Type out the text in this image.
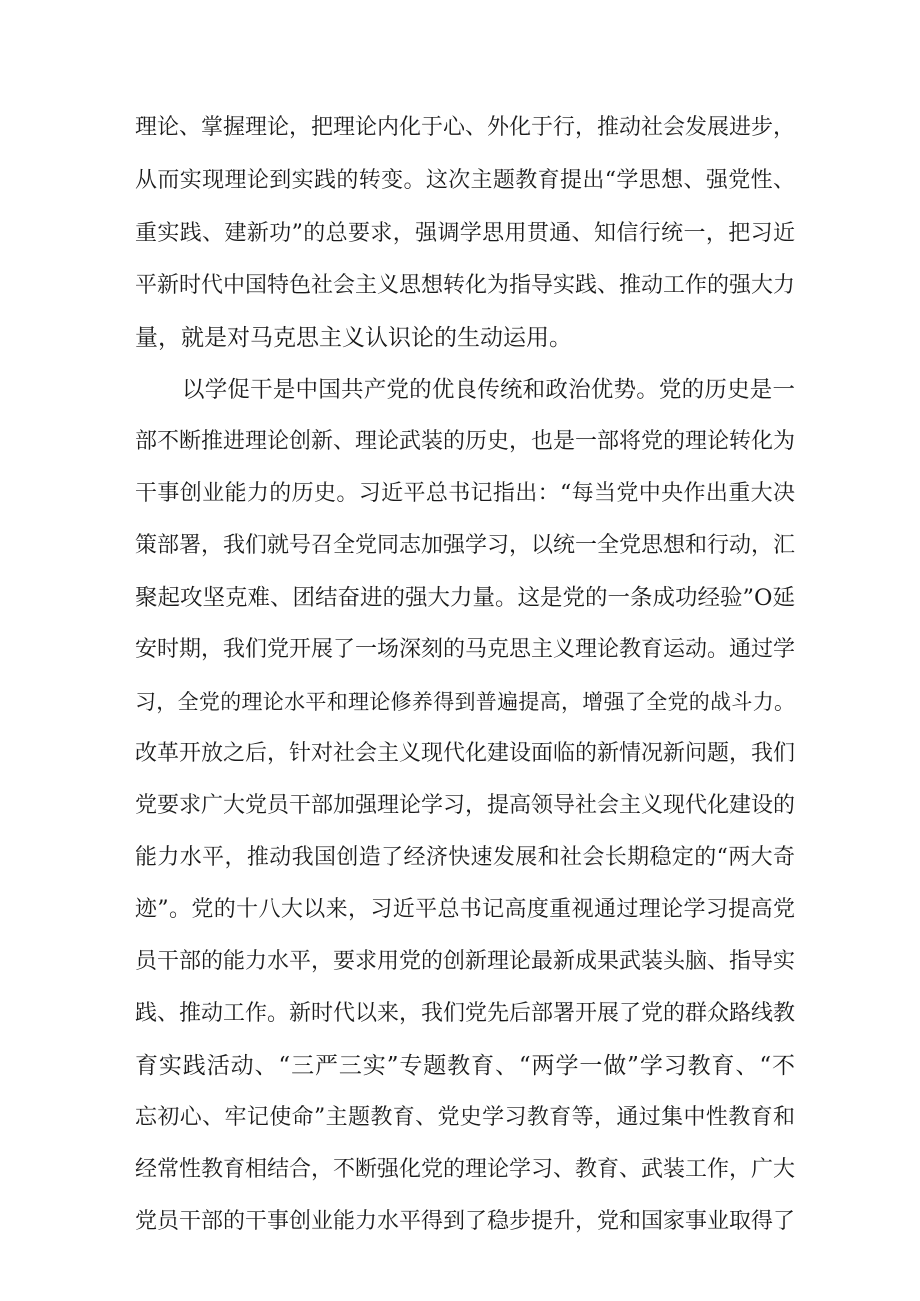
理论、掌握理论，把理论内化于心、外化于行，推动社会发展进步，
从而实现理论到实践的转变。这次主题教育提出“学思想、强党性、
重实践、建新功”的总要求，强调学思用贯通、知信行统一，把习近
平新时代中国特色社会主义思想转化为指导实践、推动工作的强大力
量，就是对马克思主义认识论的生动运用。
以学促干是中国共产党的优良传统和政治优势。党的历史是一
部不断推进理论创新、理论武装的历史，也是一部将党的理论转化为
干事创业能力的历史。习近平总书记指出：“每当党中央作出重大决
策部署，我们就号召全党同志加强学习，以统一全党思想和行动，汇
聚起攻坚克难、团结奋进的强大力量。这是党的一条成功经验”O延
安时期，我们党开展了一场深刻的马克思主义理论教育运动。通过学
习，全党的理论水平和理论修养得到普遍提高，增强了全党的战斗力。
改革开放之后，针对社会主义现代化建设面临的新情况新问题，我们
党要求广大党员干部加强理论学习，提高领导社会主义现代化建设的
能力水平，推动我国创造了经济快速发展和社会长期稳定的“两大奇
迹”。党的十八大以来，习近平总书记高度重视通过理论学习提高党
员干部的能力水平，要求用党的创新理论最新成果武装头脑、指导实
践、推动工作。新时代以来，我们党先后部署开展了党的群众路线教
育实践活动、“三严三实”专题教育、“两学一做”学习教育、“不
忘初心、牢记使命”主题教育、党史学习教育等，通过集中性教育和
经常性教育相结合，不断强化党的理论学习、教育、武装工作，广大
党员干部的干事创业能力水平得到了稳步提升，党和国家事业取得了
